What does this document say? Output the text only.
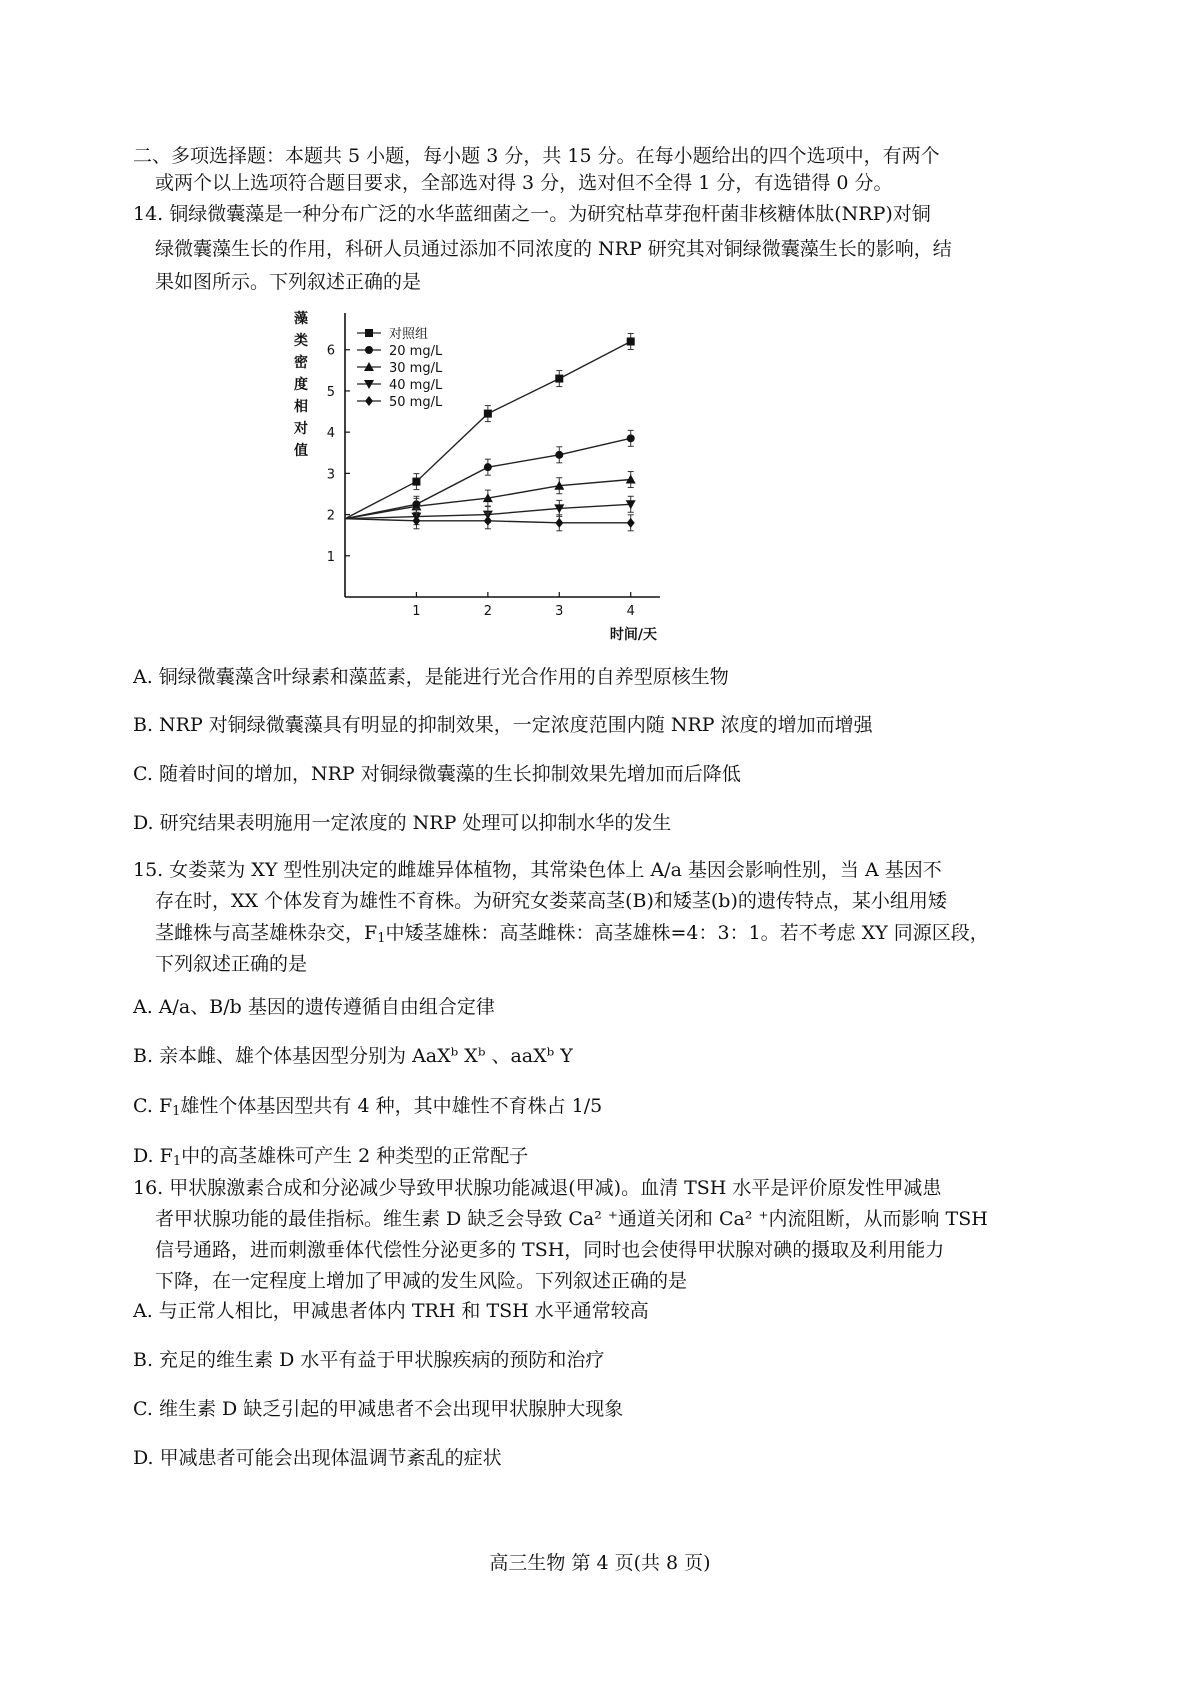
二、多项选择题：本题共 5 小题，每小题 3 分，共 15 分。在每小题给出的四个选项中，有两个
或两个以上选项符合题目要求，全部选对得 3 分，选对但不全得 1 分，有选错得 0 分。
14. 铜绿微囊藻是一种分布广泛的水华蓝细菌之一。为研究枯草芽孢杆菌非核糖体肽(NRP)对铜
绿微囊藻生长的作用，科研人员通过添加不同浓度的 NRP 研究其对铜绿微囊藻生长的影响，结
果如图所示。下列叙述正确的是
1
2
3
4
5
6
1	2	3	4
藻类密度相对值
时间/天
对照组
20 mg/L
30 mg/L
40 mg/L
50 mg/L
A. 铜绿微囊藻含叶绿素和藻蓝素，是能进行光合作用的自养型原核生物
B. NRP 对铜绿微囊藻具有明显的抑制效果，一定浓度范围内随 NRP 浓度的增加而增强
C. 随着时间的增加，NRP 对铜绿微囊藻的生长抑制效果先增加而后降低
D. 研究结果表明施用一定浓度的 NRP 处理可以抑制水华的发生
15. 女娄菜为 XY 型性别决定的雌雄异体植物，其常染色体上 A/a 基因会影响性别，当 A 基因不
存在时，XX 个体发育为雄性不育株。为研究女娄菜高茎(B)和矮茎(b)的遗传特点，某小组用矮
茎雌株与高茎雄株杂交，$F_1$中矮茎雄株：高茎雌株：高茎雄株=4：3：1。若不考虑 XY 同源区段，
下列叙述正确的是
A. A/a、B/b 基因的遗传遵循自由组合定律
B. 亲本雌、雄个体基因型分别为 AaXᵇ Xᵇ 、aaXᵇ Y
C. $F_1$雄性个体基因型共有 4 种，其中雄性不育株占 1/5
D. $F_1$中的高茎雄株可产生 2 种类型的正常配子
16. 甲状腺激素合成和分泌减少导致甲状腺功能减退(甲减)。血清 TSH 水平是评价原发性甲减患
者甲状腺功能的最佳指标。维生素 D 缺乏会导致 Ca² ⁺通道关闭和 Ca² ⁺内流阻断，从而影响 TSH
信号通路，进而刺激垂体代偿性分泌更多的 TSH，同时也会使得甲状腺对碘的摄取及利用能力
下降，在一定程度上增加了甲减的发生风险。下列叙述正确的是
A. 与正常人相比，甲减患者体内 TRH 和 TSH 水平通常较高
B. 充足的维生素 D 水平有益于甲状腺疾病的预防和治疗
C. 维生素 D 缺乏引起的甲减患者不会出现甲状腺肿大现象
D. 甲减患者可能会出现体温调节紊乱的症状
高三生物 第 4 页(共 8 页)
